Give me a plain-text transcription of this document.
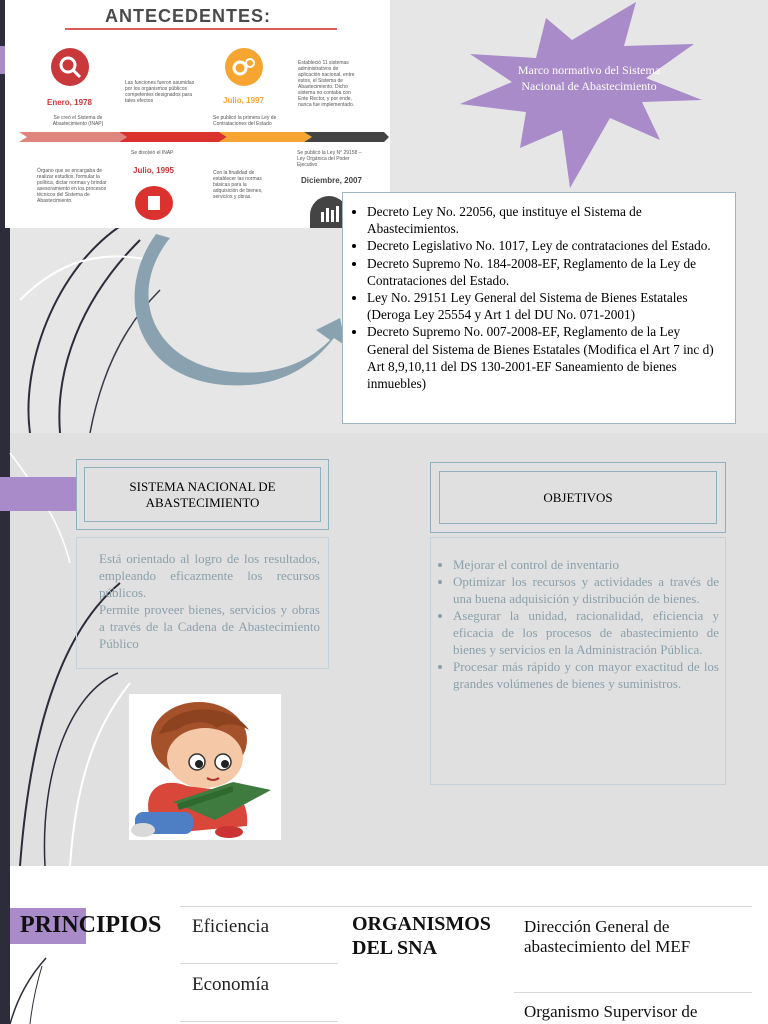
ANTECEDENTES:
Enero, 1978
Se creó el Sistema de Abastecimiento (INAP)
Órgano que se encargaba de realizar estudios, formular la política, dictar normas y brindar asesoramiento en los procesos técnicos del Sistema de Abastecimiento.
Las funciones fueron asumidas por los organismos públicos competentes designados para tales efectos
Se disolvió el INAP
Julio, 1995
Julio, 1997
Se publicó la primera Ley de Contrataciones del Estado
Con la finalidad de establecer las normas básicas para la adquisición de bienes, servicios y obras.
Estableció 11 sistemas administrativos de aplicación nacional, entre estos, el Sistema de Abastecimiento. Dicho sistema no contaba con Ente Rector, y por ende, nunca fue implementado.
Se publicó la Ley N° 29158 – Ley Orgánica del Poder Ejecutivo
Diciembre, 2007
Marco normativo del Sistema Nacional de Abastecimiento
• Decreto Ley No. 22056, que instituye el Sistema de Abastecimientos.
• Decreto Legislativo No. 1017, Ley de contrataciones del Estado.
• Decreto Supremo No. 184-2008-EF, Reglamento de la Ley de Contrataciones del Estado.
• Ley No. 29151 Ley General del Sistema de Bienes Estatales (Deroga Ley 25554 y Art 1 del DU No. 071-2001)
• Decreto Supremo No. 007-2008-EF, Reglamento de la Ley General del Sistema de Bienes Estatales (Modifica el Art 7 inc d) Art 8,9,10,11 del DS 130-2001-EF Saneamiento de bienes inmuebles)
SISTEMA NACIONAL DE ABASTECIMIENTO
Está orientado al logro de los resultados, empleando eficazmente los recursos públicos.
Permite proveer bienes, servicios y obras a través de la Cadena de Abastecimiento Público
OBJETIVOS
• Mejorar el control de inventario
• Optimizar los recursos y actividades a través de una buena adquisición y distribución de bienes.
• Asegurar la unidad, racionalidad, eficiencia y eficacia de los procesos de abastecimiento de bienes y servicios en la Administración Pública.
• Procesar más rápido y con mayor exactitud de los grandes volúmenes de bienes y suministros.
PRINCIPIOS Eficiencia
Economía
ORGANISMOS DEL SNA
Dirección General de abastecimiento del MEF
Organismo Supervisor de
